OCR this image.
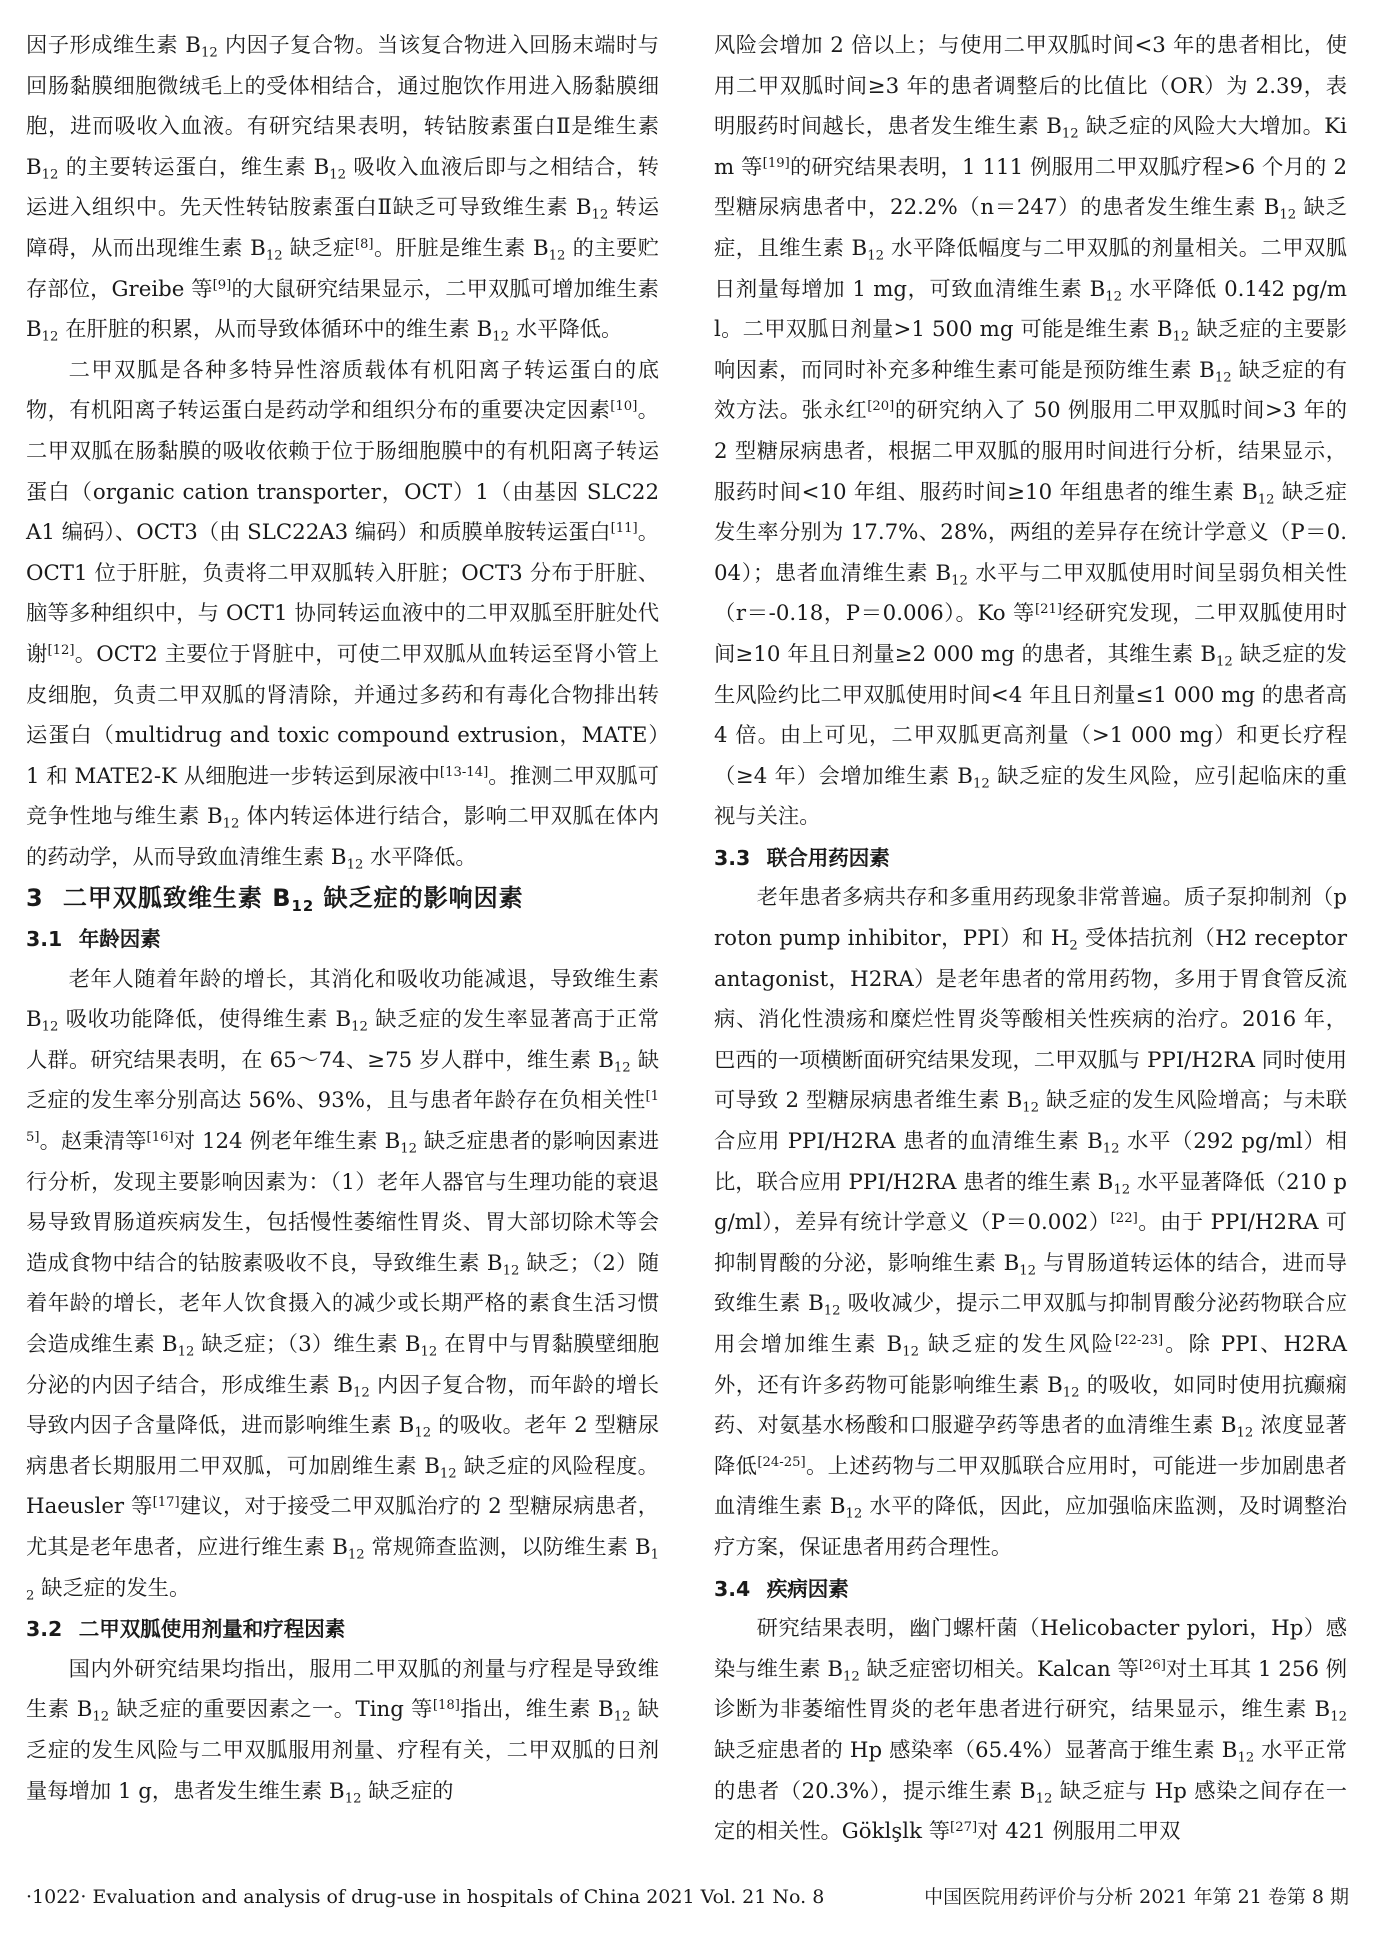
因子形成维生素 $B_{12}$ 内因子复合物。当该复合物进入回肠末端时与回肠黏膜细胞微绒毛上的受体相结合，通过胞饮作用进入肠黏膜细胞，进而吸收入血液。有研究结果表明，转钴胺素蛋白Ⅱ是维生素 $B_{12}$ 的主要转运蛋白，维生素 $B_{12}$ 吸收入血液后即与之相结合，转运进入组织中。先天性转钴胺素蛋白Ⅱ缺乏可导致维生素 $B_{12}$ 转运障碍，从而出现维生素 $B_{12}$ 缺乏症[8]。肝脏是维生素 $B_{12}$ 的主要贮存部位，Greibe 等[9]的大鼠研究结果显示，二甲双胍可增加维生素 $B_{12}$ 在肝脏的积累，从而导致体循环中的维生素 $B_{12}$ 水平降低。

二甲双胍是各种多特异性溶质载体有机阳离子转运蛋白的底物，有机阳离子转运蛋白是药动学和组织分布的重要决定因素[10]。二甲双胍在肠黏膜的吸收依赖于位于肠细胞膜中的有机阳离子转运蛋白（organic cation transporter，OCT）1（由基因 SLC22A1 编码）、OCT3（由 SLC22A3 编码）和质膜单胺转运蛋白[11]。OCT1 位于肝脏，负责将二甲双胍转入肝脏；OCT3 分布于肝脏、脑等多种组织中，与 OCT1 协同转运血液中的二甲双胍至肝脏处代谢[12]。OCT2 主要位于肾脏中，可使二甲双胍从血转运至肾小管上皮细胞，负责二甲双胍的肾清除，并通过多药和有毒化合物排出转运蛋白（multidrug and toxic compound extrusion，MATE）1 和 MATE2-K 从细胞进一步转运到尿液中[13-14]。推测二甲双胍可竞争性地与维生素 $B_{12}$ 体内转运体进行结合，影响二甲双胍在体内的药动学，从而导致血清维生素 $B_{12}$ 水平降低。

3 二甲双胍致维生素 $B_{12}$ 缺乏症的影响因素
3.1 年龄因素

老年人随着年龄的增长，其消化和吸收功能减退，导致维生素 $B_{12}$ 吸收功能降低，使得维生素 $B_{12}$ 缺乏症的发生率显著高于正常人群。研究结果表明，在 65～74、≥75 岁人群中，维生素 $B_{12}$ 缺乏症的发生率分别高达 56%、93%，且与患者年龄存在负相关性[15]。赵秉清等[16]对 124 例老年维生素 $B_{12}$ 缺乏症患者的影响因素进行分析，发现主要影响因素为：（1）老年人器官与生理功能的衰退易导致胃肠道疾病发生，包括慢性萎缩性胃炎、胃大部切除术等会造成食物中结合的钴胺素吸收不良，导致维生素 $B_{12}$ 缺乏；（2）随着年龄的增长，老年人饮食摄入的减少或长期严格的素食生活习惯会造成维生素 $B_{12}$ 缺乏症；（3）维生素 $B_{12}$ 在胃中与胃黏膜壁细胞分泌的内因子结合，形成维生素 $B_{12}$ 内因子复合物，而年龄的增长导致内因子含量降低，进而影响维生素 $B_{12}$ 的吸收。老年 2 型糖尿病患者长期服用二甲双胍，可加剧维生素 $B_{12}$ 缺乏症的风险程度。Haeusler 等[17]建议，对于接受二甲双胍治疗的 2 型糖尿病患者，尤其是老年患者，应进行维生素 $B_{12}$ 常规筛查监测，以防维生素 $B_{12}$ 缺乏症的发生。

3.2 二甲双胍使用剂量和疗程因素

国内外研究结果均指出，服用二甲双胍的剂量与疗程是导致维生素 $B_{12}$ 缺乏症的重要因素之一。Ting 等[18]指出，维生素 $B_{12}$ 缺乏症的发生风险与二甲双胍服用剂量、疗程有关，二甲双胍的日剂量每增加 1 g，患者发生维生素 $B_{12}$ 缺乏症的

风险会增加 2 倍以上；与使用二甲双胍时间<3 年的患者相比，使用二甲双胍时间≥3 年的患者调整后的比值比（OR）为 2.39，表明服药时间越长，患者发生维生素 $B_{12}$ 缺乏症的风险大大增加。Kim 等[19]的研究结果表明，1 111 例服用二甲双胍疗程>6 个月的 2 型糖尿病患者中，22.2%（n＝247）的患者发生维生素 $B_{12}$ 缺乏症，且维生素 $B_{12}$ 水平降低幅度与二甲双胍的剂量相关。二甲双胍日剂量每增加 1 mg，可致血清维生素 $B_{12}$ 水平降低 0.142 pg/ml。二甲双胍日剂量>1 500 mg 可能是维生素 $B_{12}$ 缺乏症的主要影响因素，而同时补充多种维生素可能是预防维生素 $B_{12}$ 缺乏症的有效方法。张永红[20]的研究纳入了 50 例服用二甲双胍时间>3 年的 2 型糖尿病患者，根据二甲双胍的服用时间进行分析，结果显示，服药时间<10 年组、服药时间≥10 年组患者的维生素 $B_{12}$ 缺乏症发生率分别为 17.7%、28%，两组的差异存在统计学意义（P＝0.04）；患者血清维生素 $B_{12}$ 水平与二甲双胍使用时间呈弱负相关性（r＝-0.18，P＝0.006）。Ko 等[21]经研究发现，二甲双胍使用时间≥10 年且日剂量≥2 000 mg 的患者，其维生素 $B_{12}$ 缺乏症的发生风险约比二甲双胍使用时间<4 年且日剂量≤1 000 mg 的患者高 4 倍。由上可见，二甲双胍更高剂量（>1 000 mg）和更长疗程（≥4 年）会增加维生素 $B_{12}$ 缺乏症的发生风险，应引起临床的重视与关注。

3.3 联合用药因素

老年患者多病共存和多重用药现象非常普遍。质子泵抑制剂（proton pump inhibitor，PPI）和 $H_2$ 受体拮抗剂（H2 receptor antagonist，H2RA）是老年患者的常用药物，多用于胃食管反流病、消化性溃疡和糜烂性胃炎等酸相关性疾病的治疗。2016 年，巴西的一项横断面研究结果发现，二甲双胍与 PPI/H2RA 同时使用可导致 2 型糖尿病患者维生素 $B_{12}$ 缺乏症的发生风险增高；与未联合应用 PPI/H2RA 患者的血清维生素 $B_{12}$ 水平（292 pg/ml）相比，联合应用 PPI/H2RA 患者的维生素 $B_{12}$ 水平显著降低（210 pg/ml），差异有统计学意义（P＝0.002）[22]。由于 PPI/H2RA 可抑制胃酸的分泌，影响维生素 $B_{12}$ 与胃肠道转运体的结合，进而导致维生素 $B_{12}$ 吸收减少，提示二甲双胍与抑制胃酸分泌药物联合应用会增加维生素 $B_{12}$ 缺乏症的发生风险[22-23]。除 PPI、H2RA 外，还有许多药物可能影响维生素 $B_{12}$ 的吸收，如同时使用抗癫痫药、对氨基水杨酸和口服避孕药等患者的血清维生素 $B_{12}$ 浓度显著降低[24-25]。上述药物与二甲双胍联合应用时，可能进一步加剧患者血清维生素 $B_{12}$ 水平的降低，因此，应加强临床监测，及时调整治疗方案，保证患者用药合理性。

3.4 疾病因素

研究结果表明，幽门螺杆菌（Helicobacter pylori，Hp）感染与维生素 $B_{12}$ 缺乏症密切相关。Kalcan 等[26]对土耳其 1 256 例诊断为非萎缩性胃炎的老年患者进行研究，结果显示，维生素 $B_{12}$ 缺乏症患者的 Hp 感染率（65.4%）显著高于维生素 $B_{12}$ 水平正常的患者（20.3%），提示维生素 $B_{12}$ 缺乏症与 Hp 感染之间存在一定的相关性。Göklşlk 等[27]对 421 例服用二甲双

·1022· Evaluation and analysis of drug-use in hospitals of China 2021 Vol. 21 No. 8	中国医院用药评价与分析 2021 年第 21 卷第 8 期
